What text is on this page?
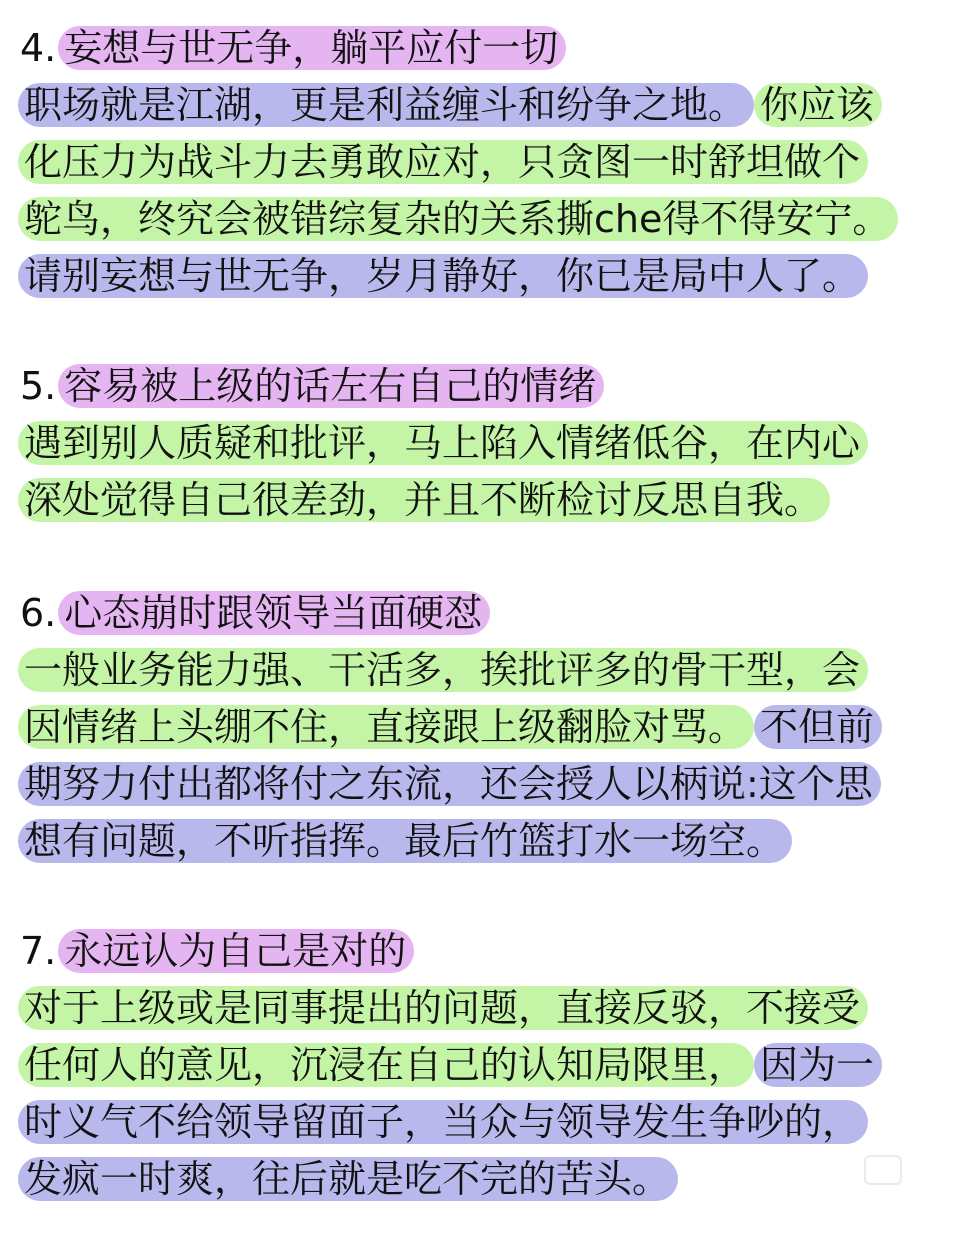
4. 妄想与世无争，躺平应付一切
职场就是江湖，更是利益缠斗和纷争之地。 你应该
化压力为战斗力去勇敢应对，只贪图一时舒坦做个
鸵鸟，终究会被错综复杂的关系撕che得不得安宁。
请别妄想与世无争，岁月静好，你已是局中人了。
5. 容易被上级的话左右自己的情绪
遇到别人质疑和批评，马上陷入情绪低谷，在内心
深处觉得自己很差劲，并且不断检讨反思自我。
6. 心态崩时跟领导当面硬怼
一般业务能力强、干活多，挨批评多的骨干型，会
因情绪上头绷不住，直接跟上级翻脸对骂。 不但前
期努力付出都将付之东流，还会授人以柄说:这个思
想有问题，不听指挥。最后竹篮打水一场空。
7. 永远认为自己是对的
对于上级或是同事提出的问题，直接反驳，不接受
任何人的意见，沉浸在自己的认知局限里， 因为一
时义气不给领导留面子，当众与领导发生争吵的，
发疯一时爽，往后就是吃不完的苦头。
